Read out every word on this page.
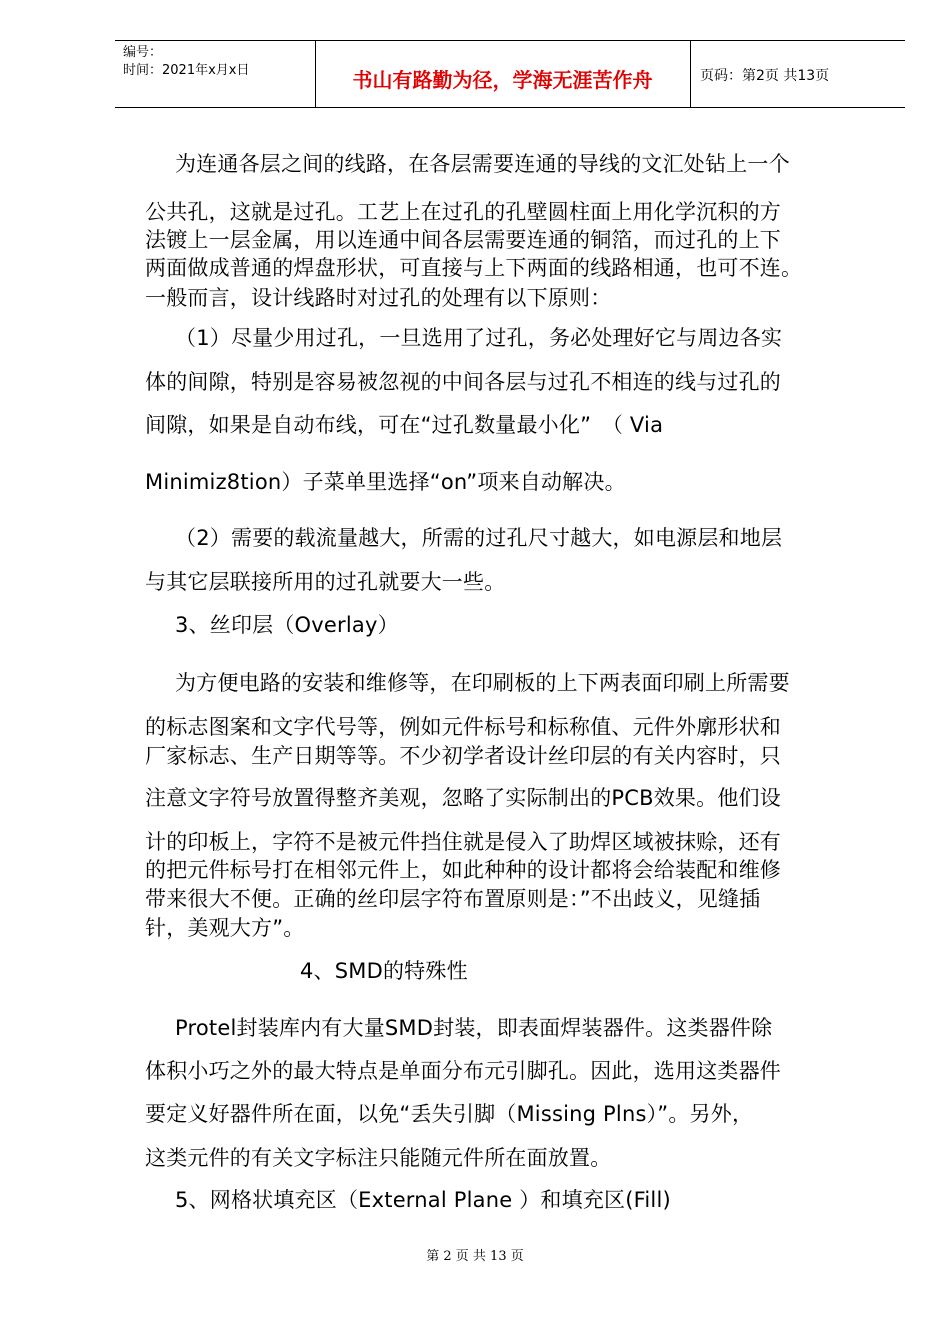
编号：
时间：2021年x月x日	书山有路勤为径，学海无涯苦作舟	页码：第2页 共13页
为连通各层之间的线路，在各层需要连通的导线的文汇处钻上一个
公共孔，这就是过孔。工艺上在过孔的孔壁圆柱面上用化学沉积的方
法镀上一层金属，用以连通中间各层需要连通的铜箔，而过孔的上下
两面做成普通的焊盘形状，可直接与上下两面的线路相通，也可不连。
一般而言，设计线路时对过孔的处理有以下原则：
（1）尽量少用过孔，一旦选用了过孔，务必处理好它与周边各实
体的间隙，特别是容易被忽视的中间各层与过孔不相连的线与过孔的
间隙，如果是自动布线，可在“过孔数量最小化”　（ Via
Minimiz8tion）子菜单里选择“on”项来自动解决。
（2）需要的载流量越大，所需的过孔尺寸越大，如电源层和地层
与其它层联接所用的过孔就要大一些。
3、丝印层（Overlay）
为方便电路的安装和维修等，在印刷板的上下两表面印刷上所需要
的标志图案和文字代号等，例如元件标号和标称值、元件外廓形状和
厂家标志、生产日期等等。不少初学者设计丝印层的有关内容时，只
注意文字符号放置得整齐美观，忽略了实际制出的PCB效果。他们设
计的印板上，字符不是被元件挡住就是侵入了助焊区域被抹赊，还有
的把元件标号打在相邻元件上，如此种种的设计都将会给装配和维修
带来很大不便。正确的丝印层字符布置原则是：”不出歧义，见缝插
针，美观大方”。
4、SMD的特殊性
Protel封装库内有大量SMD封装，即表面焊装器件。这类器件除
体积小巧之外的最大特点是单面分布元引脚孔。因此，选用这类器件
要定义好器件所在面，以免“丢失引脚（Missing Plns）”。另外，
这类元件的有关文字标注只能随元件所在面放置。
5、网格状填充区（External Plane ）和填充区(Fill)
第 2 页 共 13 页
